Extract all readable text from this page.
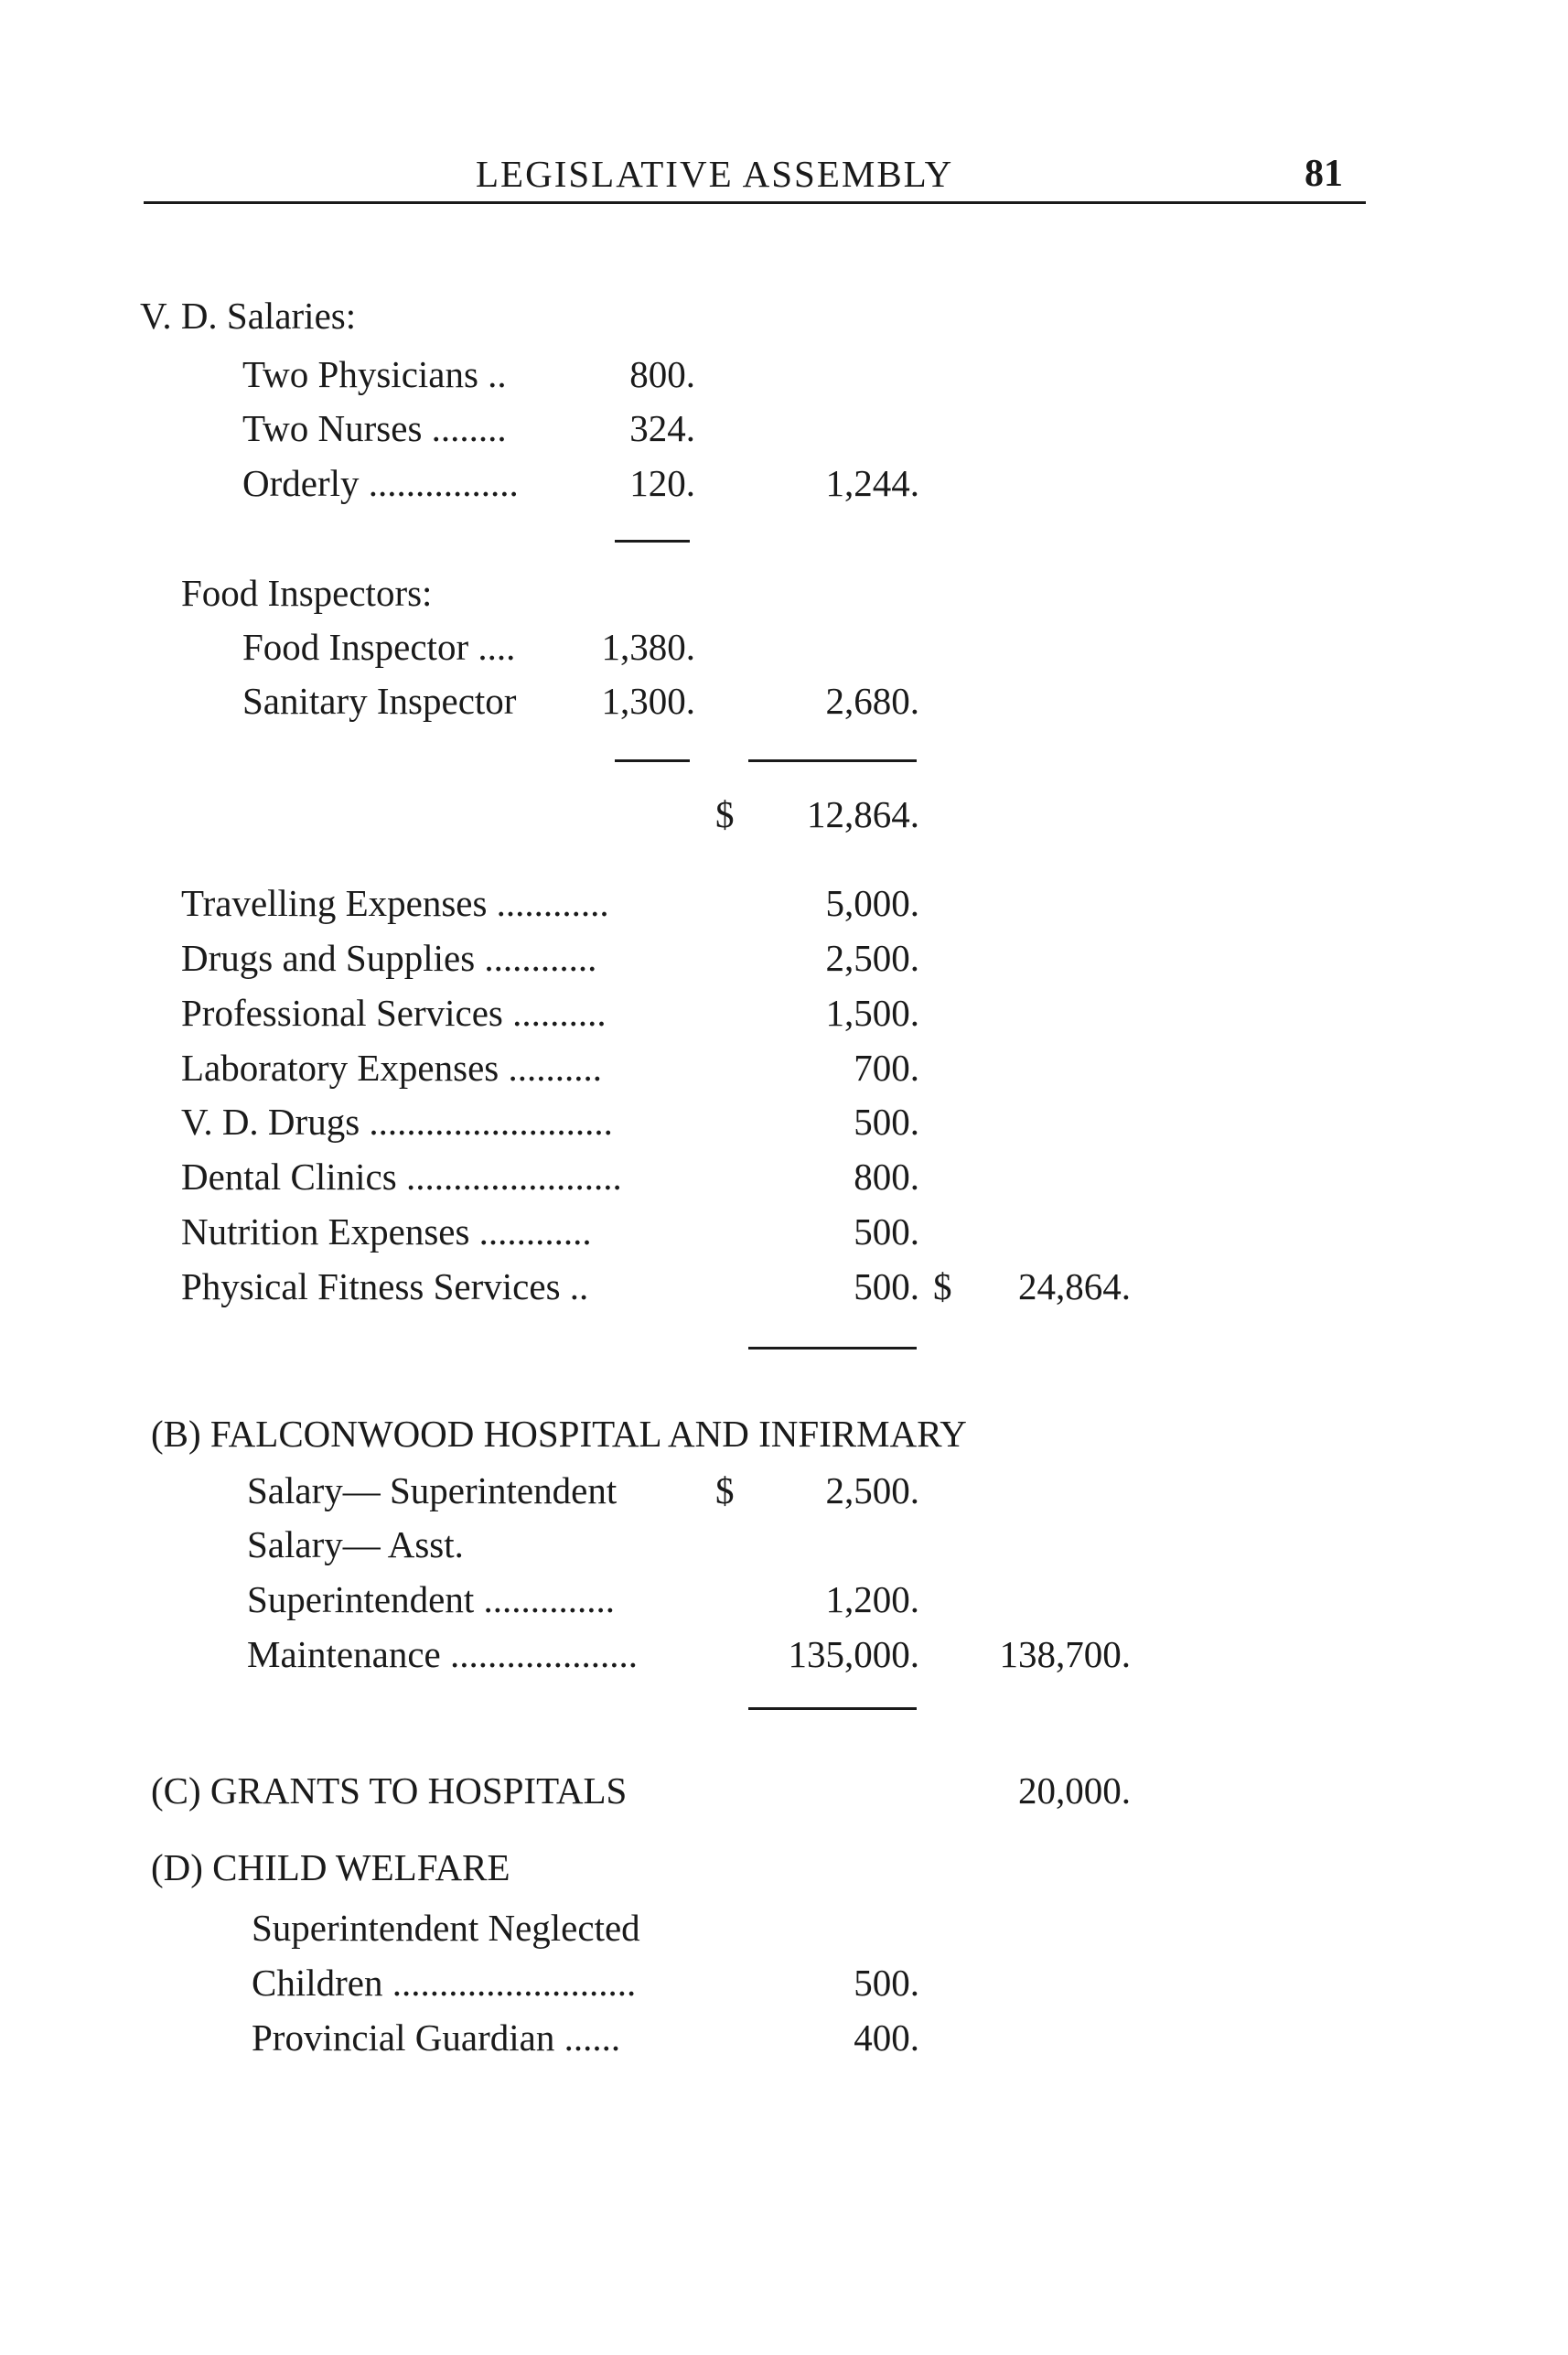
LEGISLATIVE ASSEMBLY	81
V. D. Salaries:
Two Physicians ..	800.
Two Nurses ........	324.
Orderly ................	120.	1,244.
Food Inspectors:
Food Inspector ....	1,380.
Sanitary Inspector	1,300.	2,680.
$	12,864.
Travelling Expenses ............	5,000.
Drugs and Supplies ............	2,500.
Professional Services ..........	1,500.
Laboratory Expenses ..........	700.
V. D. Drugs ..........................	500.
Dental Clinics .......................	800.
Nutrition Expenses ............	500.
Physical Fitness Services ..	500. $	24,864.
(B) FALCONWOOD HOSPITAL AND INFIRMARY
Salary— Superintendent	$	2,500.
Salary— Asst.
Superintendent ..............	1,200.
Maintenance ....................	135,000.	138,700.
(C) GRANTS TO HOSPITALS	20,000.
(D) CHILD WELFARE
Superintendent Neglected
Children ..........................	500.
Provincial Guardian ......	400.
